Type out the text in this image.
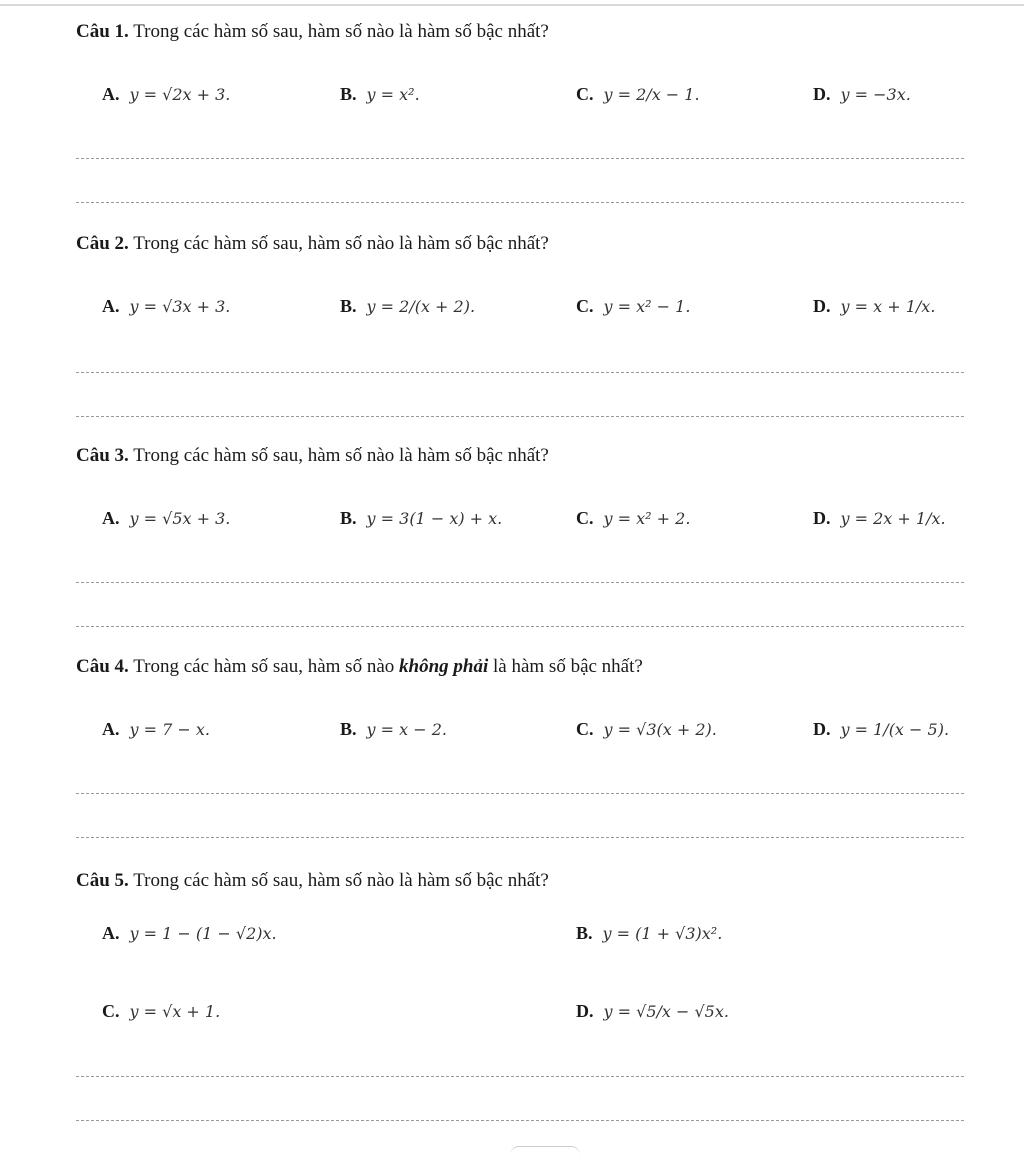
Câu 1. Trong các hàm số sau, hàm số nào là hàm số bậc nhất?
A. y = √2x + 3.	B. y = x².	C. y = 2/x − 1.	D. y = −3x.
Câu 2. Trong các hàm số sau, hàm số nào là hàm số bậc nhất?
A. y = √3x + 3.	B. y = 2/(x + 2).	C. y = x² − 1.	D. y = x + 1/x.
Câu 3. Trong các hàm số sau, hàm số nào là hàm số bậc nhất?
A. y = √5x + 3.	B. y = 3(1 − x) + x.	C. y = x² + 2.	D. y = 2x + 1/x.
Câu 4. Trong các hàm số sau, hàm số nào không phải là hàm số bậc nhất?
A. y = 7 − x.	B. y = x − 2.	C. y = √3(x + 2).	D. y = 1/(x − 5).
Câu 5. Trong các hàm số sau, hàm số nào là hàm số bậc nhất?
A. y = 1 − (1 − √2)x.	B. y = (1 + √3)x².
C. y = √x + 1.	D. y = √5/x − √5x.
